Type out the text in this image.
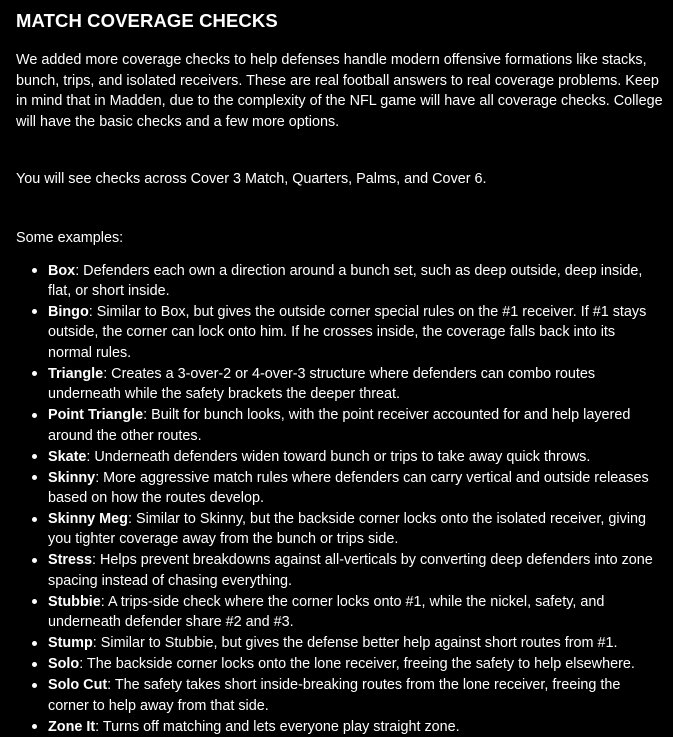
MATCH COVERAGE CHECKS

We added more coverage checks to help defenses handle modern offensive formations like stacks, bunch, trips, and isolated receivers. These are real football answers to real coverage problems. Keep in mind that in Madden, due to the complexity of the NFL game will have all coverage checks. College will have the basic checks and a few more options.

You will see checks across Cover 3 Match, Quarters, Palms, and Cover 6.

Some examples:

Box: Defenders each own a direction around a bunch set, such as deep outside, deep inside, flat, or short inside.
Bingo: Similar to Box, but gives the outside corner special rules on the #1 receiver. If #1 stays outside, the corner can lock onto him. If he crosses inside, the coverage falls back into its normal rules.
Triangle: Creates a 3-over-2 or 4-over-3 structure where defenders can combo routes underneath while the safety brackets the deeper threat.
Point Triangle: Built for bunch looks, with the point receiver accounted for and help layered around the other routes.
Skate: Underneath defenders widen toward bunch or trips to take away quick throws.
Skinny: More aggressive match rules where defenders can carry vertical and outside releases based on how the routes develop.
Skinny Meg: Similar to Skinny, but the backside corner locks onto the isolated receiver, giving you tighter coverage away from the bunch or trips side.
Stress: Helps prevent breakdowns against all-verticals by converting deep defenders into zone spacing instead of chasing everything.
Stubbie: A trips-side check where the corner locks onto #1, while the nickel, safety, and underneath defender share #2 and #3.
Stump: Similar to Stubbie, but gives the defense better help against short routes from #1.
Solo: The backside corner locks onto the lone receiver, freeing the safety to help elsewhere.
Solo Cut: The safety takes short inside-breaking routes from the lone receiver, freeing the corner to help away from that side.
Zone It: Turns off matching and lets everyone play straight zone.
